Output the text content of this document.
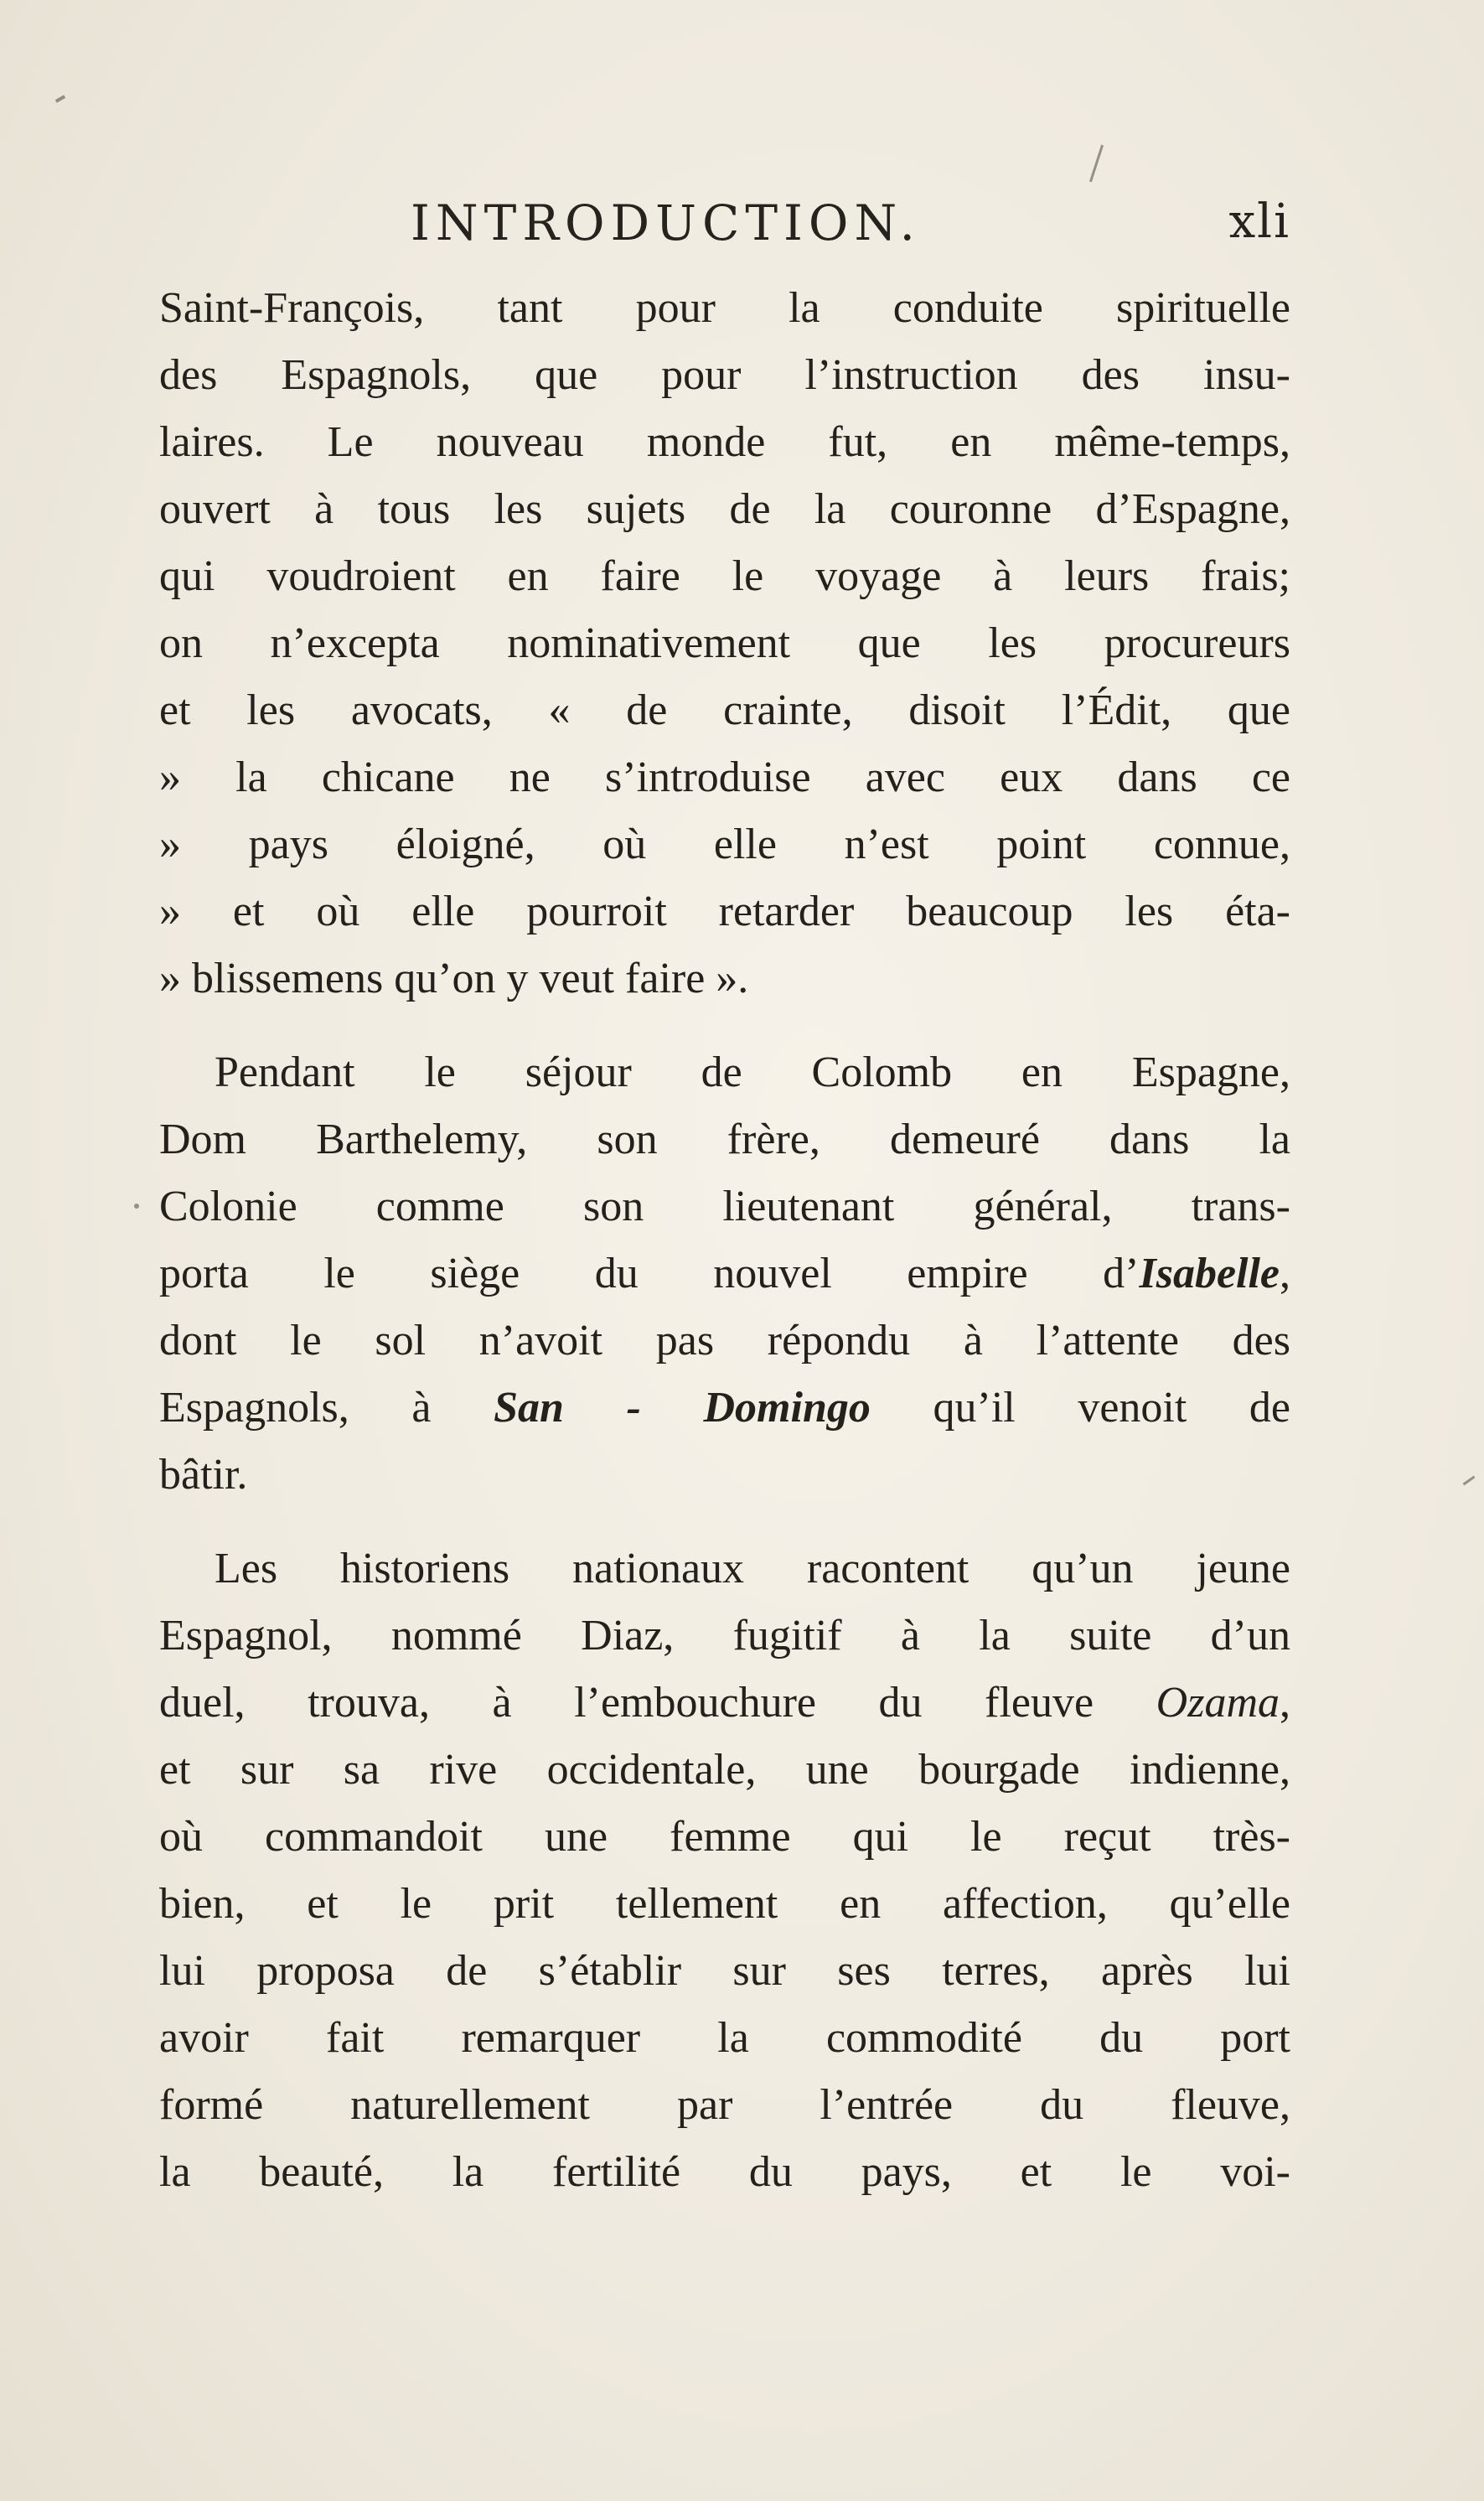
INTRODUCTION.	xli
Saint-François, tant pour la conduite spirituelle
des Espagnols, que pour l’instruction des insu-
laires. Le nouveau monde fut, en même-temps,
ouvert à tous les sujets de la couronne d’Espagne,
qui voudroient en faire le voyage à leurs frais;
on n’excepta nominativement que les procureurs
et les avocats, « de crainte, disoit l’Édit, que
» la chicane ne s’introduise avec eux dans ce
» pays éloigné, où elle n’est point connue,
» et où elle pourroit retarder beaucoup les éta-
» blissemens qu’on y veut faire ».
Pendant le séjour de Colomb en Espagne,
Dom Barthelemy, son frère, demeuré dans la
Colonie comme son lieutenant général, trans-
porta le siège du nouvel empire d’Isabelle,
dont le sol n’avoit pas répondu à l’attente des
Espagnols, à San - Domingo qu’il venoit de
bâtir.
Les historiens nationaux racontent qu’un jeune
Espagnol, nommé Diaz, fugitif à la suite d’un
duel, trouva, à l’embouchure du fleuve Ozama,
et sur sa rive occidentale, une bourgade indienne,
où commandoit une femme qui le reçut très-
bien, et le prit tellement en affection, qu’elle
lui proposa de s’établir sur ses terres, après lui
avoir fait remarquer la commodité du port
formé naturellement par l’entrée du fleuve,
la beauté, la fertilité du pays, et le voi-
